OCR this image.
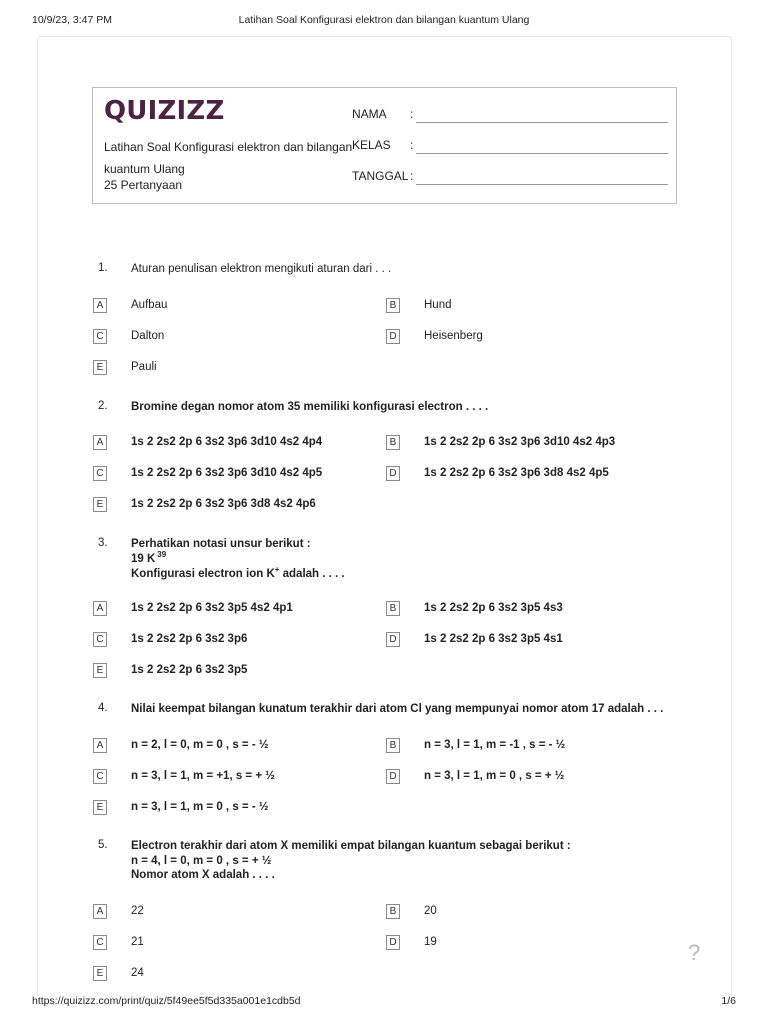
10/9/23, 3:47 PM	Latihan Soal Konfigurasi elektron dan bilangan kuantum Ulang
QUIZIZZ
Latihan Soal Konfigurasi elektron dan bilangan kuantum Ulang
25 Pertanyaan
NAMA :
KELAS :
TANGGAL :
1. Aturan penulisan elektron mengikuti aturan dari . . .
A	Aufbau	B	Hund
C Dalton	D Heisenberg
E	Pauli
2. Bromine degan nomor atom 35 memiliki konfigurasi electron . . . .
A	1s 2 2s2 2p 6 3s2 3p6 3d10 4s2 4p4	B	1s 2 2s2 2p 6 3s2 3p6 3d10 4s2 4p3
C 1s 2 2s2 2p 6 3s2 3p6 3d10 4s2 4p5	D 1s 2 2s2 2p 6 3s2 3p6 3d8 4s2 4p5
E	1s 2 2s2 2p 6 3s2 3p6 3d8 4s2 4p6
3. Perhatikan notasi unsur berikut :
19 K $^{39}$
Konfigurasi electron ion K+ adalah . . . .
A	1s 2 2s2 2p 6 3s2 3p5 4s2 4p1	B	1s 2 2s2 2p 6 3s2 3p5 4s3
C 1s 2 2s2 2p 6 3s2 3p6	D 1s 2 2s2 2p 6 3s2 3p5 4s1
E	1s 2 2s2 2p 6 3s2 3p5
4. Nilai keempat bilangan kunatum terakhir dari atom Cl yang mempunyai nomor atom 17 adalah . . .
A	n = 2, l = 0, m = 0 , s = - ½	B	n = 3, l = 1, m = -1 , s = - ½
C n = 3, l = 1, m = +1, s = + ½	D n = 3, l = 1, m = 0 , s = + ½
E	n = 3, l = 1, m = 0 , s = - ½
5. Electron terakhir dari atom X memiliki empat bilangan kuantum sebagai berikut :
n = 4, l = 0, m = 0 , s = + ½
Nomor atom X adalah . . . .
A	22	B	20
C 21	D 19
E	24
?
https://quizizz.com/print/quiz/5f49ee5f5d335a001e1cdb5d	1/6
